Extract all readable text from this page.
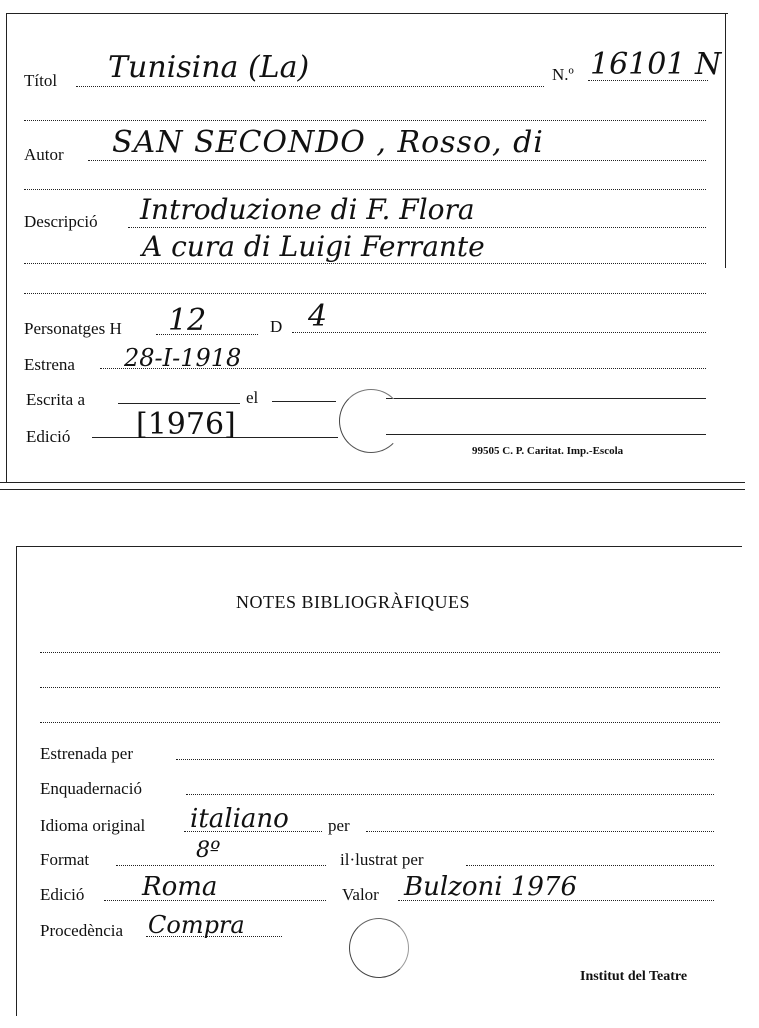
Títol Tunisina (La)	N.º 16101 N
Autor SAN SECONDO , Rosso, di
Descripció Introduzione di F. Flora
A cura di Luigi Ferrante
Personatges H 12	D 4
Estrena 28-I-1918
Escrita a	el
Edició [1976]
99505 C. P. Caritat. Imp.-Escola
NOTES BIBLIOGRÀFIQUES
Estrenada per
Enquadernació
Idioma original italiano per
Format	8º	il·lustrat per
Edició Roma	Valor Bulzoni 1976
Procedència Compra
Institut del Teatre
